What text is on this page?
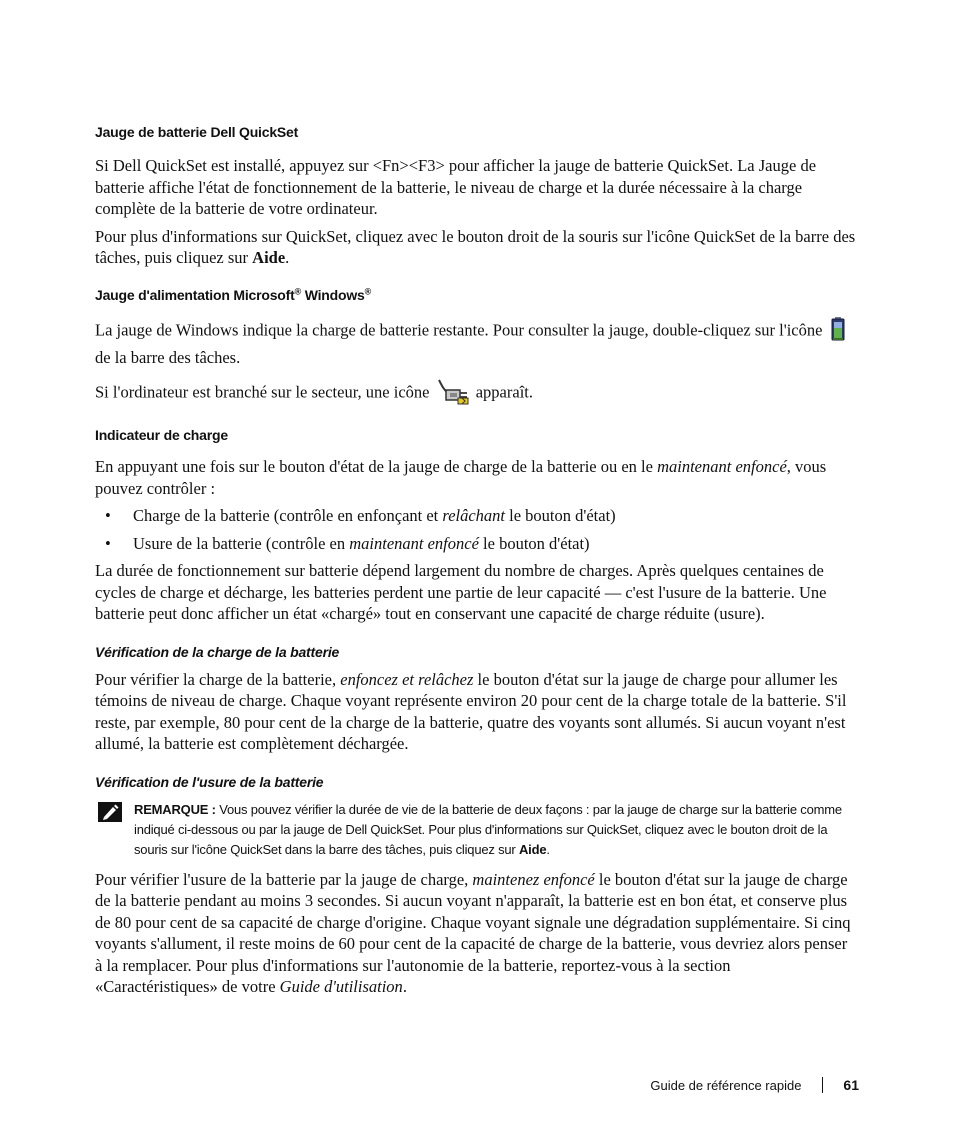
Jauge de batterie Dell QuickSet

Si Dell QuickSet est installé, appuyez sur <Fn><F3> pour afficher la jauge de batterie QuickSet. La Jauge de batterie affiche l'état de fonctionnement de la batterie, le niveau de charge et la durée nécessaire à la charge complète de la batterie de votre ordinateur.

Pour plus d'informations sur QuickSet, cliquez avec le bouton droit de la souris sur l'icône QuickSet de la barre des tâches, puis cliquez sur Aide.

Jauge d'alimentation Microsoft® Windows®

La jauge de Windows indique la charge de batterie restante. Pour consulter la jauge, double-cliquez sur l'icône  de la barre des tâches.

Si l'ordinateur est branché sur le secteur, une icône  apparaît.

Indicateur de charge

En appuyant une fois sur le bouton d'état de la jauge de charge de la batterie ou en le maintenant enfoncé, vous pouvez contrôler :

• Charge de la batterie (contrôle en enfonçant et relâchant le bouton d'état)
• Usure de la batterie (contrôle en maintenant enfoncé le bouton d'état)

La durée de fonctionnement sur batterie dépend largement du nombre de charges. Après quelques centaines de cycles de charge et décharge, les batteries perdent une partie de leur capacité — c'est l'usure de la batterie. Une batterie peut donc afficher un état «chargé» tout en conservant une capacité de charge réduite (usure).

Vérification de la charge de la batterie

Pour vérifier la charge de la batterie, enfoncez et relâchez le bouton d'état sur la jauge de charge pour allumer les témoins de niveau de charge. Chaque voyant représente environ 20 pour cent de la charge totale de la batterie. S'il reste, par exemple, 80 pour cent de la charge de la batterie, quatre des voyants sont allumés. Si aucun voyant n'est allumé, la batterie est complètement déchargée.

Vérification de l'usure de la batterie
REMARQUE : Vous pouvez vérifier la durée de vie de la batterie de deux façons : par la jauge de charge sur la batterie comme indiqué ci-dessous ou par la jauge de Dell QuickSet. Pour plus d'informations sur QuickSet, cliquez avec le bouton droit de la souris sur l'icône QuickSet dans la barre des tâches, puis cliquez sur Aide.

Pour vérifier l'usure de la batterie par la jauge de charge, maintenez enfoncé le bouton d'état sur la jauge de charge de la batterie pendant au moins 3 secondes. Si aucun voyant n'apparaît, la batterie est en bon état, et conserve plus de 80 pour cent de sa capacité de charge d'origine. Chaque voyant signale une dégradation supplémentaire. Si cinq voyants s'allument, il reste moins de 60 pour cent de la capacité de charge de la batterie, vous devriez alors penser à la remplacer. Pour plus d'informations sur l'autonomie de la batterie, reportez-vous à la section «Caractéristiques» de votre Guide d'utilisation.

Guide de référence rapide	61
